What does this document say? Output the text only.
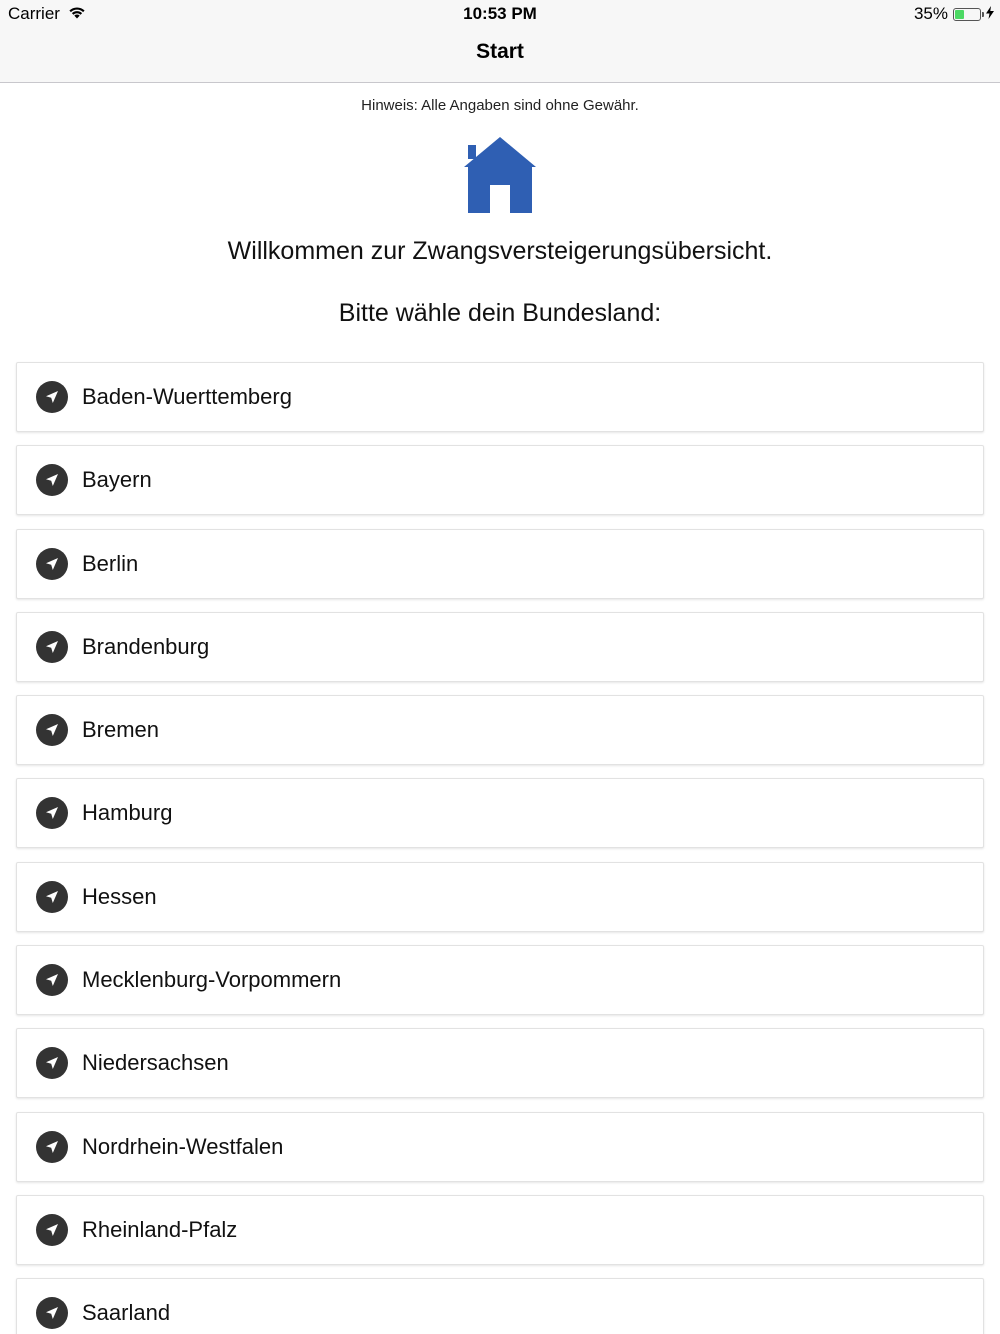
Carrier	10:53 PM	35%
Start
Hinweis: Alle Angaben sind ohne Gewähr.
Willkommen zur Zwangsversteigerungsübersicht.
Bitte wähle dein Bundesland:
Baden-Wuerttemberg
Bayern
Berlin
Brandenburg
Bremen
Hamburg
Hessen
Mecklenburg-Vorpommern
Niedersachsen
Nordrhein-Westfalen
Rheinland-Pfalz
Saarland
